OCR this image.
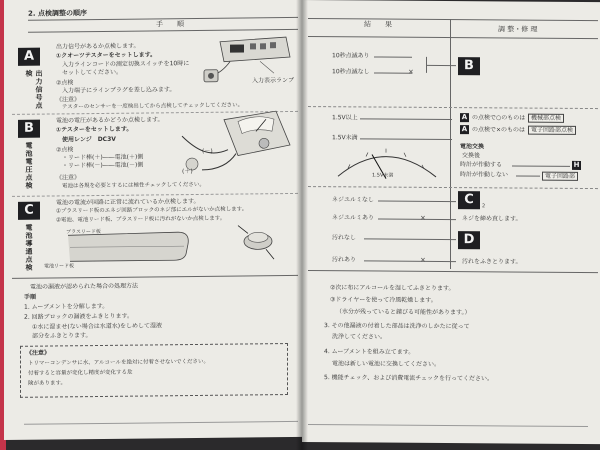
2. 点検調整の順序
手　　順
A
出力信号点検
出力信号があるか点検します。
①クオーツテスターをセットします。
入力ラインコードの測定切換スイッチを10時に
セットしてください。
②点検
入力端子にラインプラグを差し込みます。
《注意》
テスターのセンサーを一度検出してから点検してチェックしてください。
入力表示ランプ
B
電池電圧点検
電池の電圧があるかどうか点検します。
①テスターをセットします。
使用レンジ　DC3V
②点検
・リード棒(＋)――電池(＋)側
・リード棒(－)――電池(－)側
《注意》
電池は各規を必要とするには極性チェックしてください。
(－)
(＋)
C
電池導通点検
電池の電流が回路に正常に流れているか点検します。
①プラスリード板のエネジ回路ブロックのネジ部にエルがないか点検します。
②電池、電池リード板、プラスリード板に汚れがないか点検します。
プラスリード板
電池リード板
電池の漏液が認められた場合の処理方法
手順
1. ムーブメントを分解します。
2. 回路ブロックの漏液をふきとります。
①水に湿ませ(ない場合は水道水)をしめして湿液
部分をふきとります。
《注意》
トリマーコンデンサに水、アルコールを絶対に付着させないでください。
付着すると容量が変化し精度が変化する危
険があります。
結　　果
調 整・修 理
10秒点滅あり
10秒点滅なし	×	B
1.5V以上	A の点検で○のものは 機械部点検
A の点検で×のものは 電子回路部点検
1.5V未満
電池交換
交換後
時計が作動する	H
時計が作動しない	電子回路部
1.5V未満
ネジユルミなし	C	2
ネジユルミあり	×	ネジを締め直します。
汚れなし	D
汚れあり	×	汚れをふきとります。
②次に布にアルコールを湿してふきとります。
③ドライヤーを使って冷風乾燥します。
（水分が残っていると錆びる可能性があります。）
3. その他漏液の付着した部品は洗浄のしかたに従って
洗浄してください。
4. ムーブメントを組み立てます。
電池は新しい電池に交換してください。
5. 機能チェック、および消費電流チェックを行ってください。
